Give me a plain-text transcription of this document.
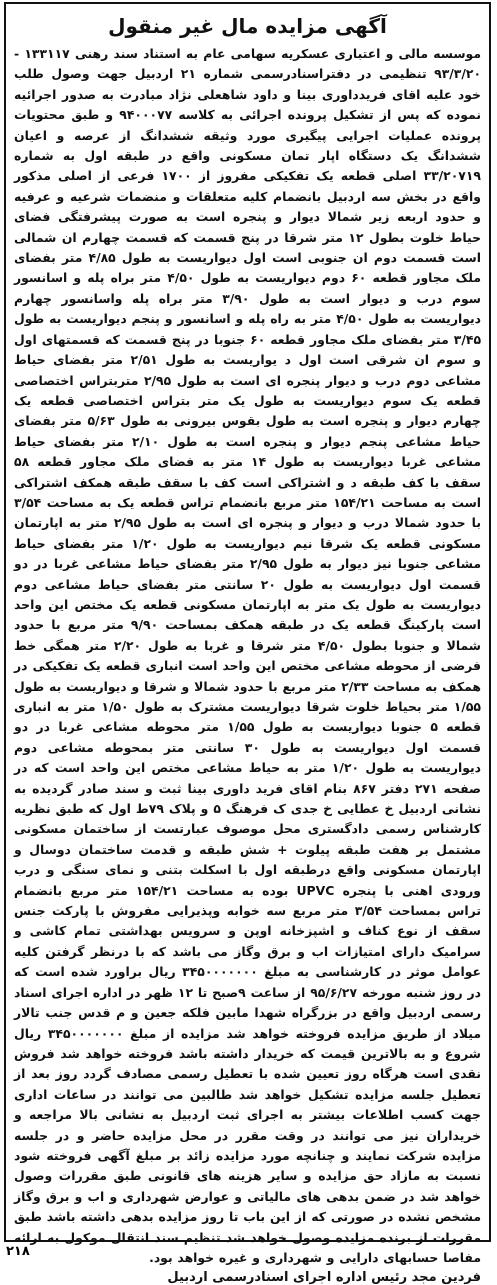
آگهی مزایده مال غیر منقول
موسسه مالی و اعتباری عسکریه سهامی عام به استناد سند رهنی ۱۳۳۱۱۷ - ۹۳/۳/۲۰ تنظیمی در دفتراسنادرسمی شماره ۲۱ اردبیل جهت وصول طلب خود علیه اقای فریدداوری بینا و داود شاهعلی نژاد مبادرت به صدور اجرائیه نموده که پس از تشکیل پرونده اجرائی به کلاسه ۹۴۰۰۰۷۷ و طبق محتویات پرونده عملیات اجرایی پیگیری مورد وثیقه ششدانگ از عرصه و اعیان ششدانگ یک دستگاه اپار تمان مسکونی واقع در طبقه اول به شماره ۳۳/۲۰۷۱۹ اصلی قطعه یک تفکیکی مفروز از ۱۷۰۰ فرعی از اصلی مذکور واقع در بخش سه اردبیل بانضمام کلیه متعلقات و منضمات شرعیه و عرفیه و حدود اربعه زیر شمالا دیوار و پنجره است به صورت پیشرفتگی فضای حیاط خلوت بطول ۱۲ متر شرقا در پنج قسمت که قسمت چهارم ان شمالی است قسمت دوم ان جنوبی است اول دیواریست به طول ۴/۸۵ متر بفضای ملک مجاور قطعه ۶۰ دوم دیواریست به طول ۴/۵۰ متر براه پله و اسانسور سوم درب و دیوار است به طول ۳/۹۰ متر براه پله واسانسور چهارم دیواریست به طول ۴/۵۰ متر به راه پله و اسانسور و پنجم دیواریست به طول ۳/۴۵ متر بفضای ملک مجاور قطعه ۶۰ جنوبا در پنج قسمت که قسمتهای اول و سوم ان شرقی است اول د یواریست به طول ۲/۵۱ متر بفضای حیاط مشاعی دوم درب و دیوار پنجره ای است به طول ۲/۹۵ متربتراس اختصاصی قطعه یک سوم دیواریست به طول یک متر بتراس اختصاصی قطعه یک چهارم دیوار و پنجره است به طول بقوس بیرونی به طول ۵/۶۳ متر بفضای حیاط مشاعی پنجم دیوار و پنجره است به طول ۲/۱۰ متر بفضای حیاط مشاعی غربا دیواریست به طول ۱۴ متر به فضای ملک مجاور قطعه ۵۸ سقف با کف طبقه د و اشتراکی است کف با سقف طبقه همکف اشتراکی است به مساحت ۱۵۴/۲۱ متر مربع بانضمام تراس قطعه یک به مساحت ۳/۵۴ با حدود شمالا درب و دیوار و پنجره ای است به طول ۲/۹۵ متر به اپارتمان مسکونی قطعه یک شرقا نیم دیواریست به طول ۱/۲۰ متر بفضای حیاط مشاعی جنوبا نیز دیوار به طول ۲/۹۵ متر بفضای حیاط مشاعی غربا در دو قسمت اول دیواریست به طول ۲۰ سانتی متر بفضای حیاط مشاعی دوم دیواریست به طول یک متر به اپارتمان مسکونی قطعه یک مختص این واحد است پارکینگ قطعه یک در طبقه همکف بمساحت ۹/۹۰ متر مربع با حدود شمالا و جنوبا بطول ۴/۵۰ متر شرقا و غربا به طول ۲/۲۰ متر همگی خط فرضی از محوطه مشاعی مختص این واحد است انباری قطعه یک تفکیکی در همکف به مساحت ۲/۳۳ متر مربع با حدود شمالا و شرقا و دیواریست به طول ۱/۵۵ متر بحیاط خلوت شرقا دیواریست مشترک به طول ۱/۵۰ متر به انباری قطعه ۵ جنوبا دیواریست به طول ۱/۵۵ متر محوطه مشاعی غربا در دو قسمت اول دیواریست به طول ۳۰ سانتی متر بمحوطه مشاعی دوم دیواریست به طول ۱/۲۰ متر به حیاط مشاعی مختص این واحد است که در صفحه ۲۷۱ دفتر ۸۶۷ بنام اقای فرید داوری بینا ثبت و سند صادر گردیده به نشانی اردبیل خ عطایی خ جدی ک فرهنگ ۵ و پلاک ۷۹ط اول که طبق نظریه کارشناس رسمی دادگستری محل موصوف عبارتست از ساختمان مسکونی مشتمل بر هفت طبقه پیلوت + شش طبقه و قدمت ساختمان دوسال و اپارتمان مسکونی واقع درطبقه اول با اسکلت بتنی و نمای سنگی و درب ورودی اهنی با پنجره UPVC بوده به مساحت ۱۵۴/۲۱ متر مربع بانضمام تراس بمساحت ۳/۵۴ متر مربع سه خوابه وپذیرایی مفروش با پارکت جنس سقف از نوع کناف و اشپزخانه اوپن و سرویس بهداشتی تمام کاشی و سرامیک دارای امتیازات اب و برق وگاز می باشد که با درنظر گرفتن کلیه عوامل موثر در کارشناسی به مبلغ ۳۴۵۰۰۰۰۰۰۰ ریال براورد شده است که در روز شنبه مورخه ۹۵/۶/۲۷ از ساعت ۹صبح تا ۱۲ ظهر در اداره اجرای اسناد رسمی اردبیل واقع در بزرگراه شهدا مابین فلکه جعین و م قدس جنب تالار میلاد از طریق مزایده فروخته خواهد شد مزایده از مبلغ ۳۴۵۰۰۰۰۰۰۰ ریال شروع و به بالاترین قیمت که خریدار داشته باشد فروخته خواهد شد فروش نقدی است هرگاه روز تعیین شده با تعطیل رسمی مصادف گردد روز بعد از تعطیل جلسه مزایده تشکیل خواهد شد طالبین می توانند در ساعات اداری جهت کسب اطلاعات بیشتر به اجرای ثبت اردبیل به نشانی بالا مراجعه و خریداران نیز می توانند در وقت مقرر در محل مزایده حاضر و در جلسه مزایده شرکت نمایند و چنانچه مورد مزایده زائد بر مبلغ آگهی فروخته شود نسبت به مازاد حق مزایده و سایر هزینه های قانونی طبق مقررات وصول خواهد شد در ضمن بدهی های مالیاتی و عوارض شهرداری و اب و برق وگاز مشخص نشده در صورتی که از این باب تا روز مزایده بدهی داشته باشد طبق مقررات از برنده مزایده وصول خواهد شد تنظیم سند انتقال موکول به ارائه مفاصا حسابهای دارایی و شهرداری و غیره خواهد بود.
فردین مجد رئیس اداره اجرای اسنادرسمی اردبیل
۲۱۸
